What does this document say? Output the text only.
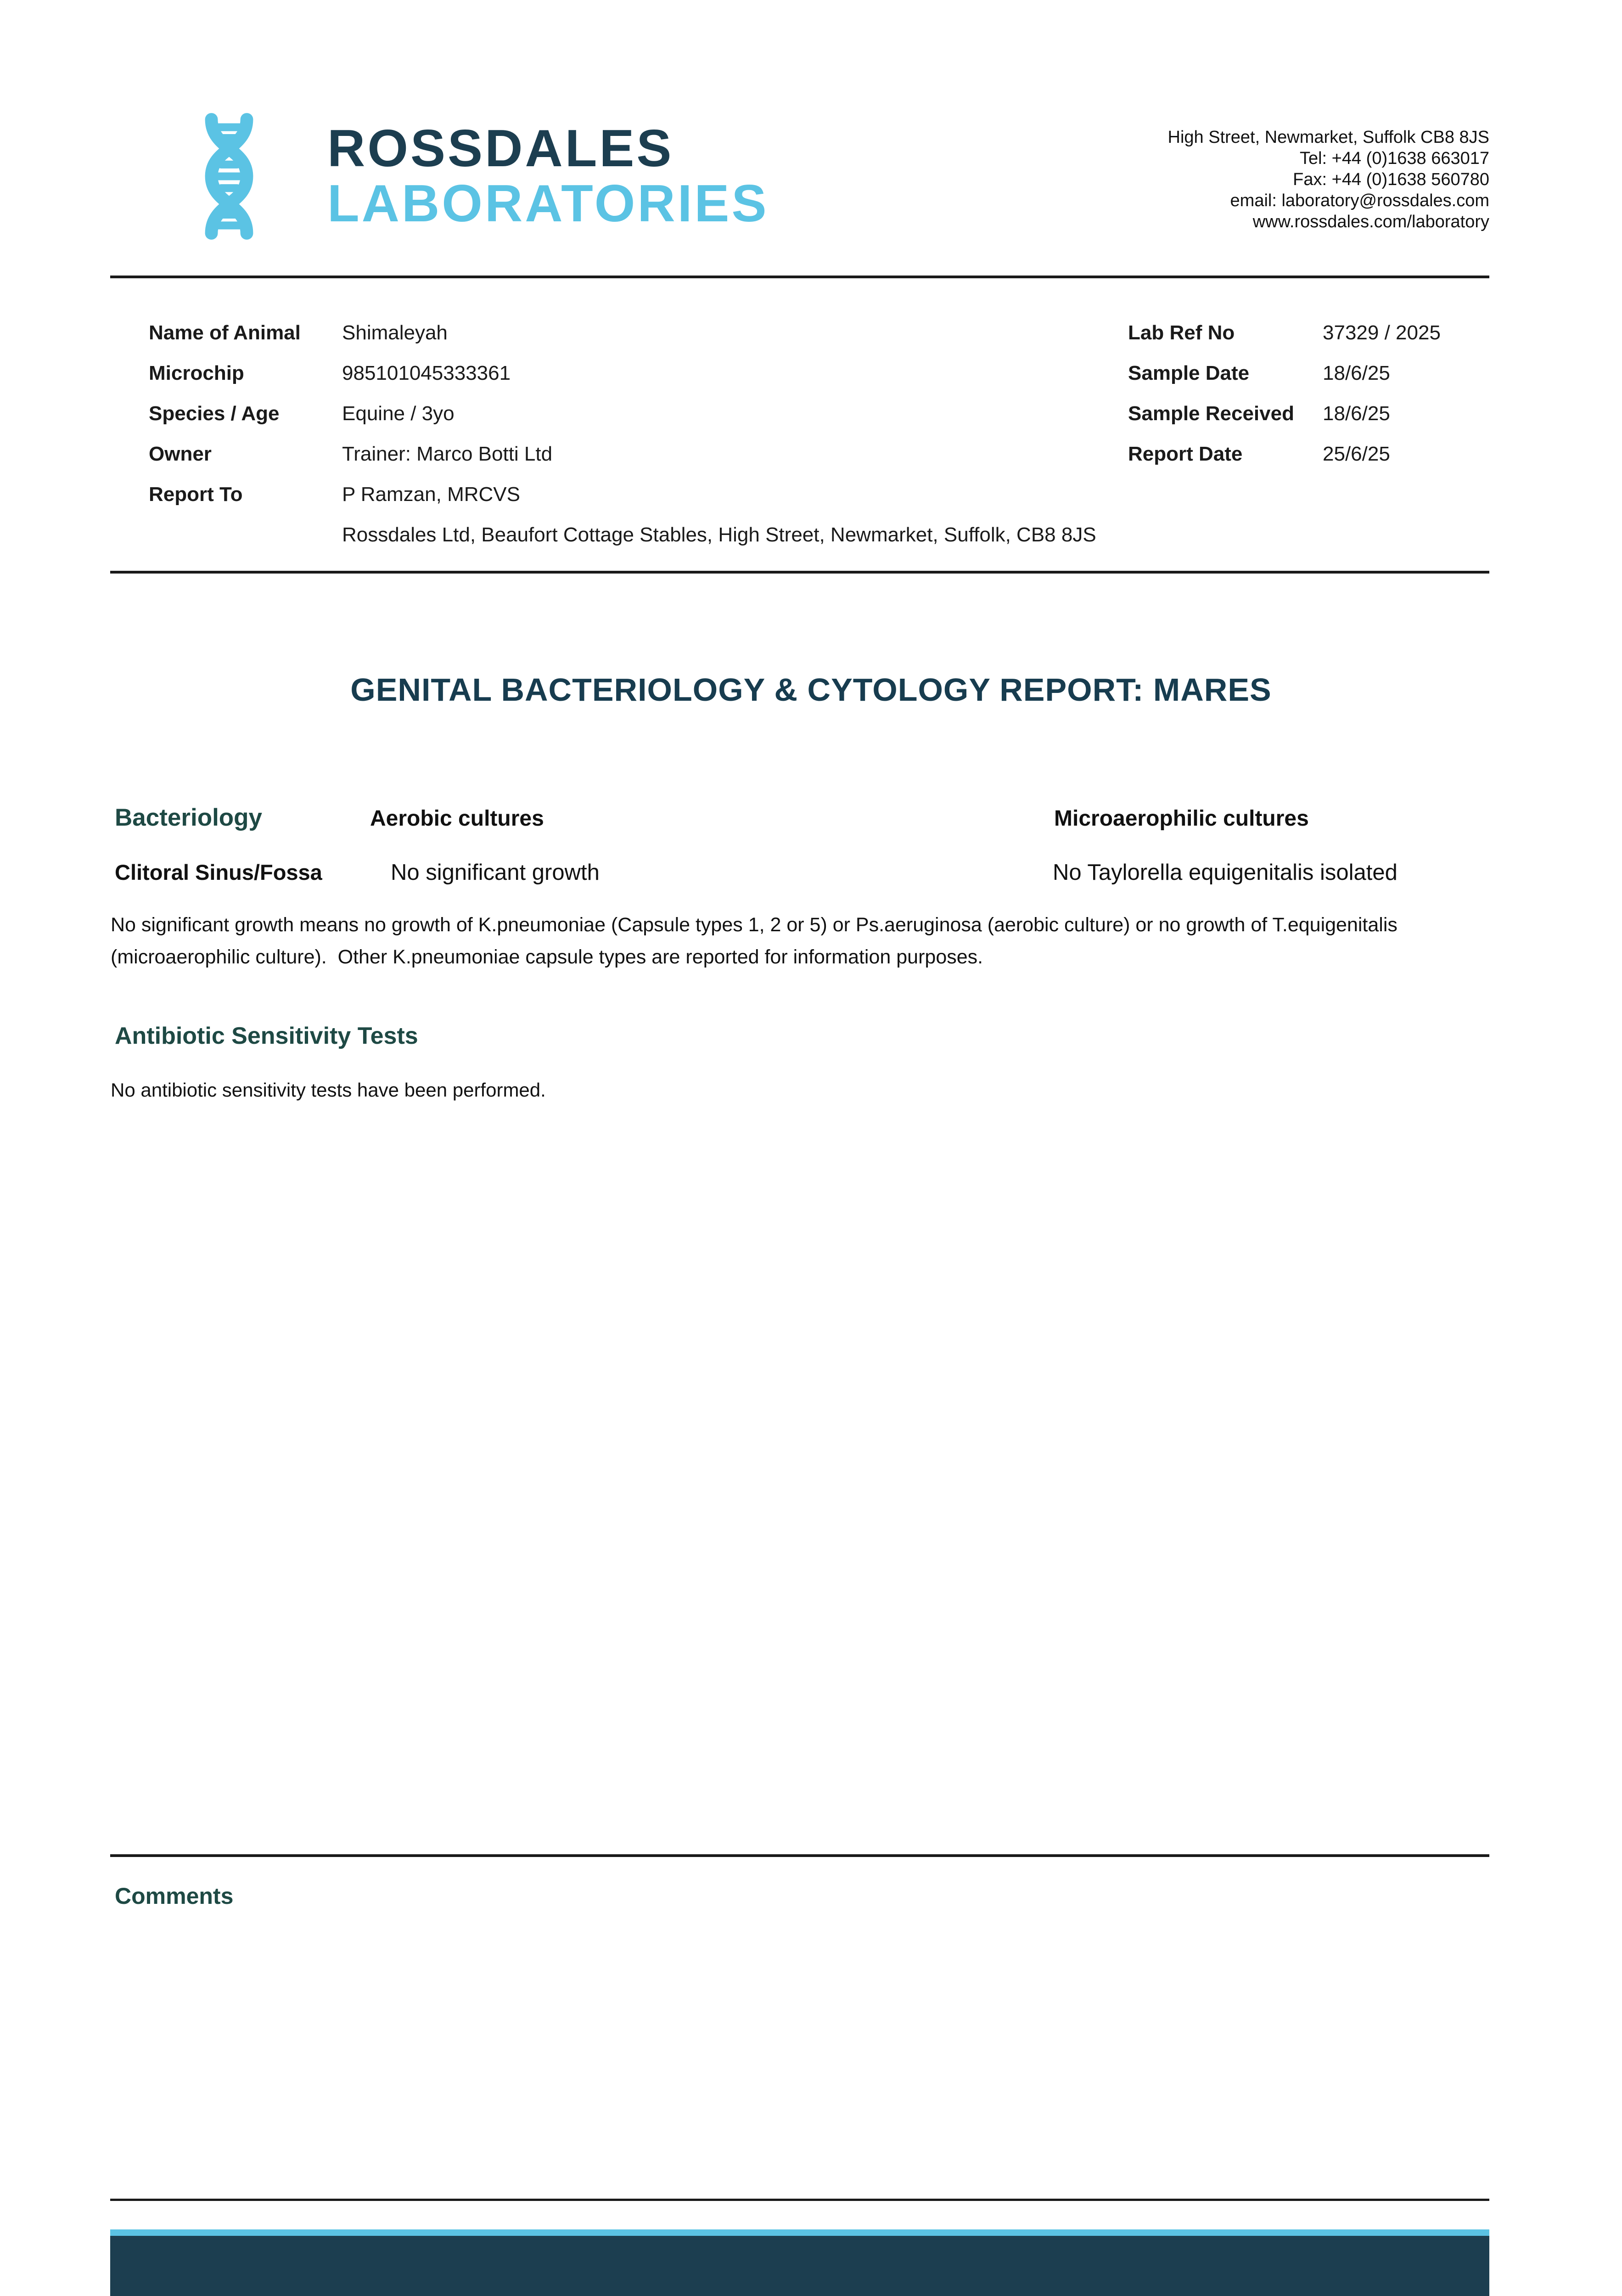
ROSSDALES
LABORATORIES
High Street, Newmarket, Suffolk CB8 8JS
Tel: +44 (0)1638 663017
Fax: +44 (0)1638 560780
email: laboratory@rossdales.com
www.rossdales.com/laboratory
Name of Animal	Shimaleyah
Microchip	985101045333361
Species / Age	Equine / 3yo
Owner	Trainer: Marco Botti Ltd
Report To	P Ramzan, MRCVS
Rossdales Ltd, Beaufort Cottage Stables, High Street, Newmarket, Suffolk, CB8 8JS
Lab Ref No	37329 / 2025
Sample Date	18/6/25
Sample Received	18/6/25
Report Date	25/6/25
GENITAL BACTERIOLOGY & CYTOLOGY REPORT: MARES
Bacteriology	Aerobic cultures	Microaerophilic cultures
Clitoral Sinus/Fossa	No significant growth	No Taylorella equigenitalis isolated
No significant growth means no growth of K.pneumoniae (Capsule types 1, 2 or 5) or Ps.aeruginosa (aerobic culture) or no growth of T.equigenitalis (microaerophilic culture).  Other K.pneumoniae capsule types are reported for information purposes.
Antibiotic Sensitivity Tests
No antibiotic sensitivity tests have been performed.
Comments
